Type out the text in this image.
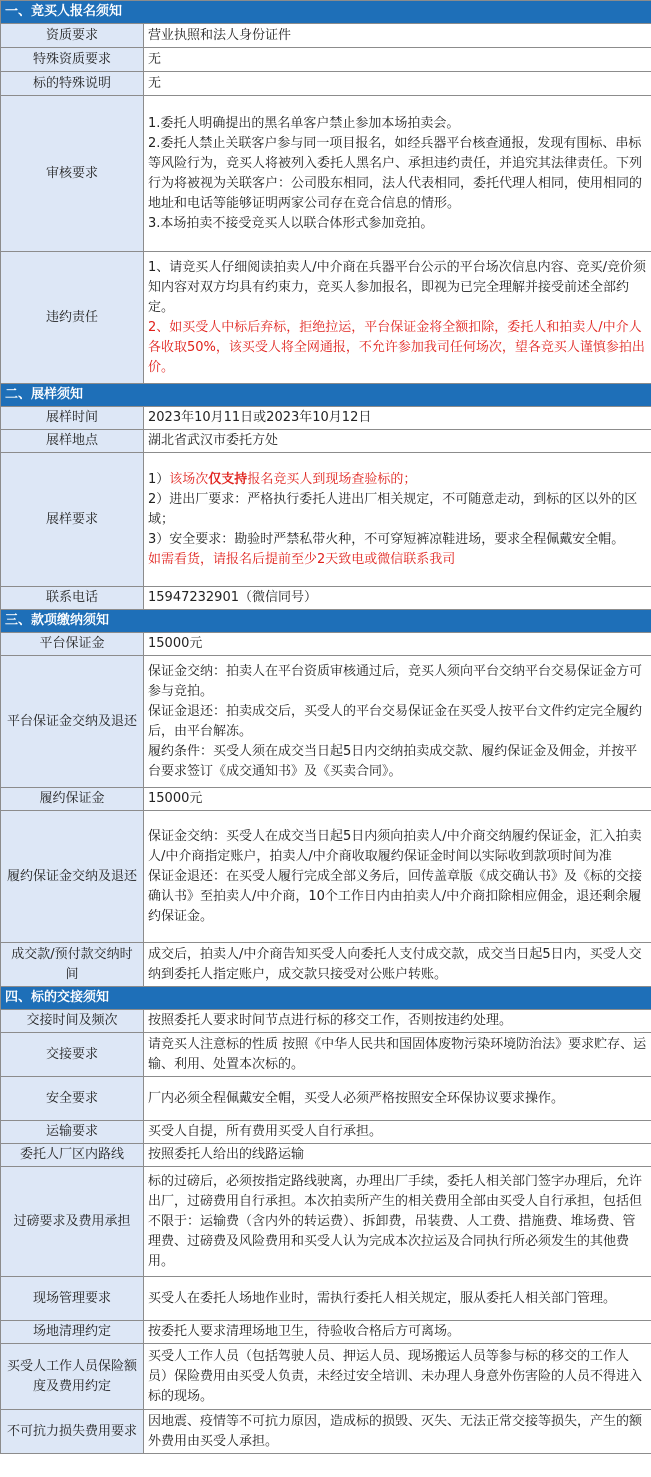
一、竞买人报名须知	
资质要求	营业执照和法人身份证件
特殊资质要求	无
标的特殊说明	无
审核要求	1.委托人明确提出的黑名单客户禁止参加本场拍卖会。
2.委托人禁止关联客户参与同一项目报名，如经兵器平台核查通报，发现有围标、串标等风险行为，竞买人将被列入委托人黑名户、承担违约责任，并追究其法律责任。下列行为将被视为关联客户：公司股东相同，法人代表相同，委托代理人相同，使用相同的地址和电话等能够证明两家公司存在竞合信息的情形。
3.本场拍卖不接受竞买人以联合体形式参加竞拍。

违约责任	1、请竞买人仔细阅读拍卖人/中介商在兵器平台公示的平台场次信息内容、竞买/竞价须知内容对双方均具有约束力，竞买人参加报名，即视为已完全理解并接受前述全部约定。
2、如买受人中标后弃标，拒绝拉运，平台保证金将全额扣除，委托人和拍卖人/中介人各收取50%，该买受人将全网通报，不允许参加我司任何场次，望各竞买人谨慎参拍出价。

二、展样须知	
展样时间	2023年10月11日或2023年10月12日
展样地点	湖北省武汉市委托方处
展样要求	1）该场次仅支持报名竞买人到现场查验标的；
2）进出厂要求：严格执行委托人进出厂相关规定，不可随意走动，到标的区以外的区域；
3）安全要求：勘验时严禁私带火种，不可穿短裤凉鞋进场，要求全程佩戴安全帽。
如需看货，请报名后提前至少2天致电或微信联系我司

联系电话	15947232901（微信同号）
三、款项缴纳须知	
平台保证金	15000元
平台保证金交纳及退还	保证金交纳：拍卖人在平台资质审核通过后，竞买人须向平台交纳平台交易保证金方可参与竞拍。
保证金退还：拍卖成交后，买受人的平台交易保证金在买受人按平台文件约定完全履约后，由平台解冻。
履约条件：买受人须在成交当日起5日内交纳拍卖成交款、履约保证金及佣金，并按平台要求签订《成交通知书》及《买卖合同》。

履约保证金	15000元
履约保证金交纳及退还	保证金交纳：买受人在成交当日起5日内须向拍卖人/中介商交纳履约保证金，汇入拍卖人/中介商指定账户，拍卖人/中介商收取履约保证金时间以实际收到款项时间为准
保证金退还：在买受人履行完成全部义务后，回传盖章版《成交确认书》及《标的交接确认书》至拍卖人/中介商，10个工作日内由拍卖人/中介商扣除相应佣金，退还剩余履约保证金。

成交款/预付款交纳时间	成交后，拍卖人/中介商告知买受人向委托人支付成交款，成交当日起5日内，买受人交纳到委托人指定账户，成交款只接受对公账户转账。
四、标的交接须知	
交接时间及频次	按照委托人要求时间节点进行标的移交工作，否则按违约处理。
交接要求	请竞买人注意标的性质 按照《中华人民共和国固体废物污染环境防治法》要求贮存、运输、利用、处置本次标的。
安全要求	厂内必须全程佩戴安全帽，买受人必须严格按照安全环保协议要求操作。
运输要求	买受人自提，所有费用买受人自行承担。
委托人厂区内路线	按照委托人给出的线路运输
过磅要求及费用承担	标的过磅后，必须按指定路线驶离，办理出厂手续，委托人相关部门签字办理后，允许出厂，过磅费用自行承担。本次拍卖所产生的相关费用全部由买受人自行承担，包括但不限于：运输费（含内外的转运费）、拆卸费，吊装费、人工费、措施费、堆场费、管理费、过磅费及风险费用和买受人认为完成本次拉运及合同执行所必须发生的其他费用。
现场管理要求	买受人在委托人场地作业时，需执行委托人相关规定，服从委托人相关部门管理。
场地清理约定	按委托人要求清理场地卫生，待验收合格后方可离场。
买受人工作人员保险额度及费用约定	买受人工作人员（包括驾驶人员、押运人员、现场搬运人员等参与标的移交的工作人员）保险费用由买受人负责，未经过安全培训、未办理人身意外伤害险的人员不得进入标的现场。
不可抗力损失费用要求	因地震、疫情等不可抗力原因，造成标的损毁、灭失、无法正常交接等损失，产生的额外费用由买受人承担。
